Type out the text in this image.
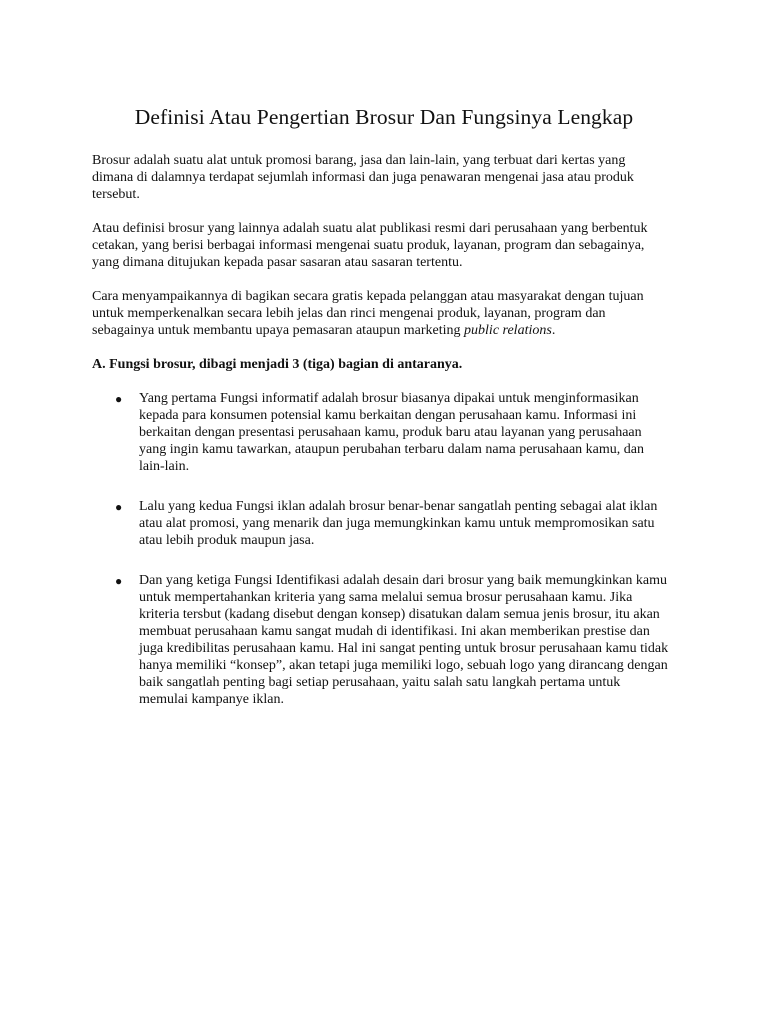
Definisi Atau Pengertian Brosur Dan Fungsinya Lengkap

Brosur adalah suatu alat untuk promosi barang, jasa dan lain-lain, yang terbuat dari kertas yang dimana di dalamnya terdapat sejumlah informasi dan juga penawaran mengenai jasa atau produk tersebut.

Atau definisi brosur yang lainnya adalah suatu alat publikasi resmi dari perusahaan yang berbentuk cetakan, yang berisi berbagai informasi mengenai suatu produk, layanan, program dan sebagainya, yang dimana ditujukan kepada pasar sasaran atau sasaran tertentu.

Cara menyampaikannya di bagikan secara gratis kepada pelanggan atau masyarakat dengan tujuan untuk memperkenalkan secara lebih jelas dan rinci mengenai produk, layanan, program dan sebagainya untuk membantu upaya pemasaran ataupun marketing public relations.

A. Fungsi brosur, dibagi menjadi 3 (tiga) bagian di antaranya.

● Yang pertama Fungsi informatif adalah brosur biasanya dipakai untuk menginformasikan kepada para konsumen potensial kamu berkaitan dengan perusahaan kamu. Informasi ini berkaitan dengan presentasi perusahaan kamu, produk baru atau layanan yang perusahaan yang ingin kamu tawarkan, ataupun perubahan terbaru dalam nama perusahaan kamu, dan lain-lain.
● Lalu yang kedua Fungsi iklan adalah brosur benar-benar sangatlah penting sebagai alat iklan atau alat promosi, yang menarik dan juga memungkinkan kamu untuk mempromosikan satu atau lebih produk maupun jasa.
● Dan yang ketiga Fungsi Identifikasi adalah desain dari brosur yang baik memungkinkan kamu untuk mempertahankan kriteria yang sama melalui semua brosur perusahaan kamu. Jika kriteria tersbut (kadang disebut dengan konsep) disatukan dalam semua jenis brosur, itu akan membuat perusahaan kamu sangat mudah di identifikasi. Ini akan memberikan prestise dan juga kredibilitas perusahaan kamu. Hal ini sangat penting untuk brosur perusahaan kamu tidak hanya memiliki “konsep”, akan tetapi juga memiliki logo, sebuah logo yang dirancang dengan baik sangatlah penting bagi setiap perusahaan, yaitu salah satu langkah pertama untuk memulai kampanye iklan.
